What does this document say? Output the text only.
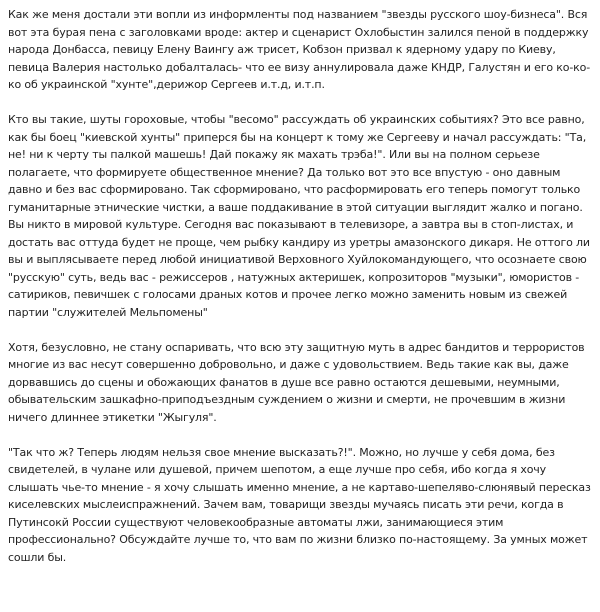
Как же меня достали эти вопли из информленты под названием "звезды русского шоу-бизнеса". Вся вот эта бурая пена с заголовками вроде: актер и сценарист Охлобыстин залился пеной в поддержку народа Донбасса, певицу Елену Ваингу аж трисет, Кобзон призвал к ядерному удару по Киеву, певица Валерия настолько добалталась- что ее визу аннулировала даже КНДР, Галустян и его ко-ко-ко об украинской "хунте",дерижор Сергеев и.т.д, и.т.п.

Кто вы такие, шуты гороховые, чтобы "весомо" рассуждать об украинских событиях? Это все равно, как бы боец "киевской хунты" приперся бы на концерт к тому же Сергееву и начал рассуждать: "Та, не! ни к черту ты палкой машешь! Дай покажу як махать трэба!". Или вы на полном серьезе полагаете, что формируете общественное мнение? Да только вот это все впустую - оно давным давно и без вас сформировано. Так сформировано, что расформировать его теперь помогут только гуманитарные этнические чистки, а ваше поддакивание в этой ситуации выглядит жалко и погано. Вы никто в мировой культуре. Сегодня вас показывают в телевизоре, а завтра вы в стоп-листах, и достать вас оттуда будет не проще, чем рыбку кандиру из уретры амазонского дикаря. Не оттого ли вы и выплясываете перед любой инициативой Верховного Хуйлокомандующего, что осознаете свою "русскую" суть, ведь вас - режиссеров , натужных актеришек, копрозиторов "музыки", юмористов - сатириков, певичшек с голосами драных котов и прочее легко можно заменить новым из свежей партии "служителей Мельпомены"

Хотя, безусловно, не стану оспаривать, что всю эту защитную муть в адрес бандитов и террористов многие из вас несут совершенно добровольно, и даже с удовольствием. Ведь такие как вы, даже дорвавшись до сцены и обожающих фанатов в душе все равно остаются дешевыми, неумными, обывательским зашкафно-приподъездным суждением о жизни и смерти, не прочевшим в жизни ничего длиннее этикетки "Жыгуля".

"Так что ж? Теперь людям нельзя свое мнение высказать?!". Можно, но лучше у себя дома, без свидетелей, в чулане или душевой, причем шепотом, а еще лучше про себя, ибо когда я хочу слышать чье-то мнение - я хочу слышать именно мнение, а не картаво-шепеляво-слюнявый пересказ киселевских мыслеиспражнений. Зачем вам, товарищи звезды мучаясь писать эти речи, когда в Путинсокй России существуют человекообразные автоматы лжи, занимающиеся этим профессионально? Обсуждайте лучше то, что вам по жизни близко по-настоящему. За умных может сошли бы.
